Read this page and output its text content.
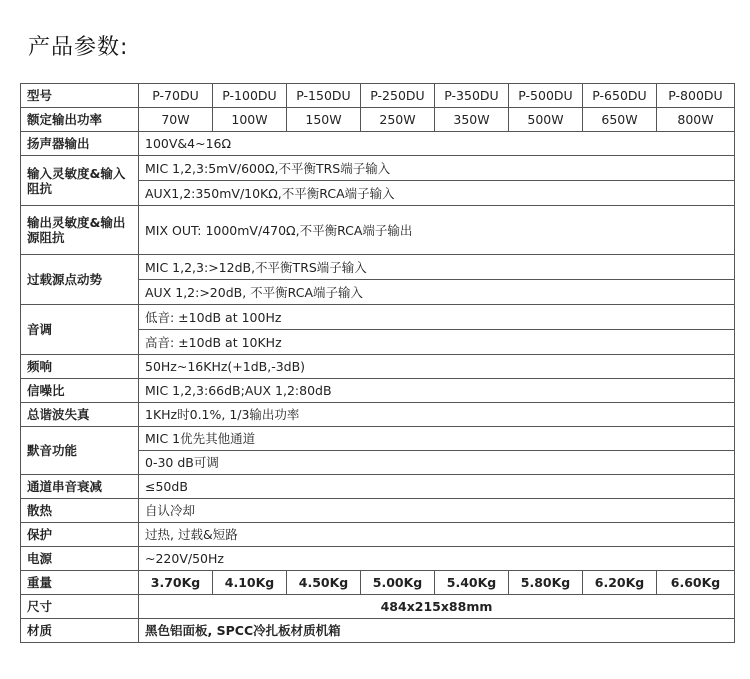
产品参数:
型号	P-70DU	P-100DU	P-150DU	P-250DU	P-350DU	P-500DU	P-650DU	P-800DU
额定输出功率	70W	100W	150W	250W	350W	500W	650W	800W
扬声器输出	100V&4~16Ω							
输入灵敏度&输入阻抗	MIC 1,2,3:5mV/600Ω,不平衡TRS端子输入							
	AUX1,2:350mV/10KΩ,不平衡RCA端子输入							
输出灵敏度&输出源阻抗	MIX OUT: 1000mV/470Ω,不平衡RCA端子输出							
过载源点动势	MIC 1,2,3:>12dB,不平衡TRS端子输入							
	AUX 1,2:>20dB, 不平衡RCA端子输入							
音调	低音: ±10dB at 100Hz							
	高音: ±10dB at 10KHz							
频响	50Hz~16KHz(+1dB,-3dB)							
信噪比	MIC 1,2,3:66dB;AUX 1,2:80dB							
总谐波失真	1KHz时0.1%, 1/3输出功率							
默音功能	MIC 1优先其他通道							
	0-30 dB可调							
通道串音衰减	≤50dB							
散热	自认冷却							
保护	过热, 过载&短路							
电源	~220V/50Hz							
重量	3.70Kg	4.10Kg	4.50Kg	5.00Kg	5.40Kg	5.80Kg	6.20Kg	6.60Kg
尺寸	484x215x88mm							
材质	黑色铝面板, SPCC冷扎板材质机箱							
